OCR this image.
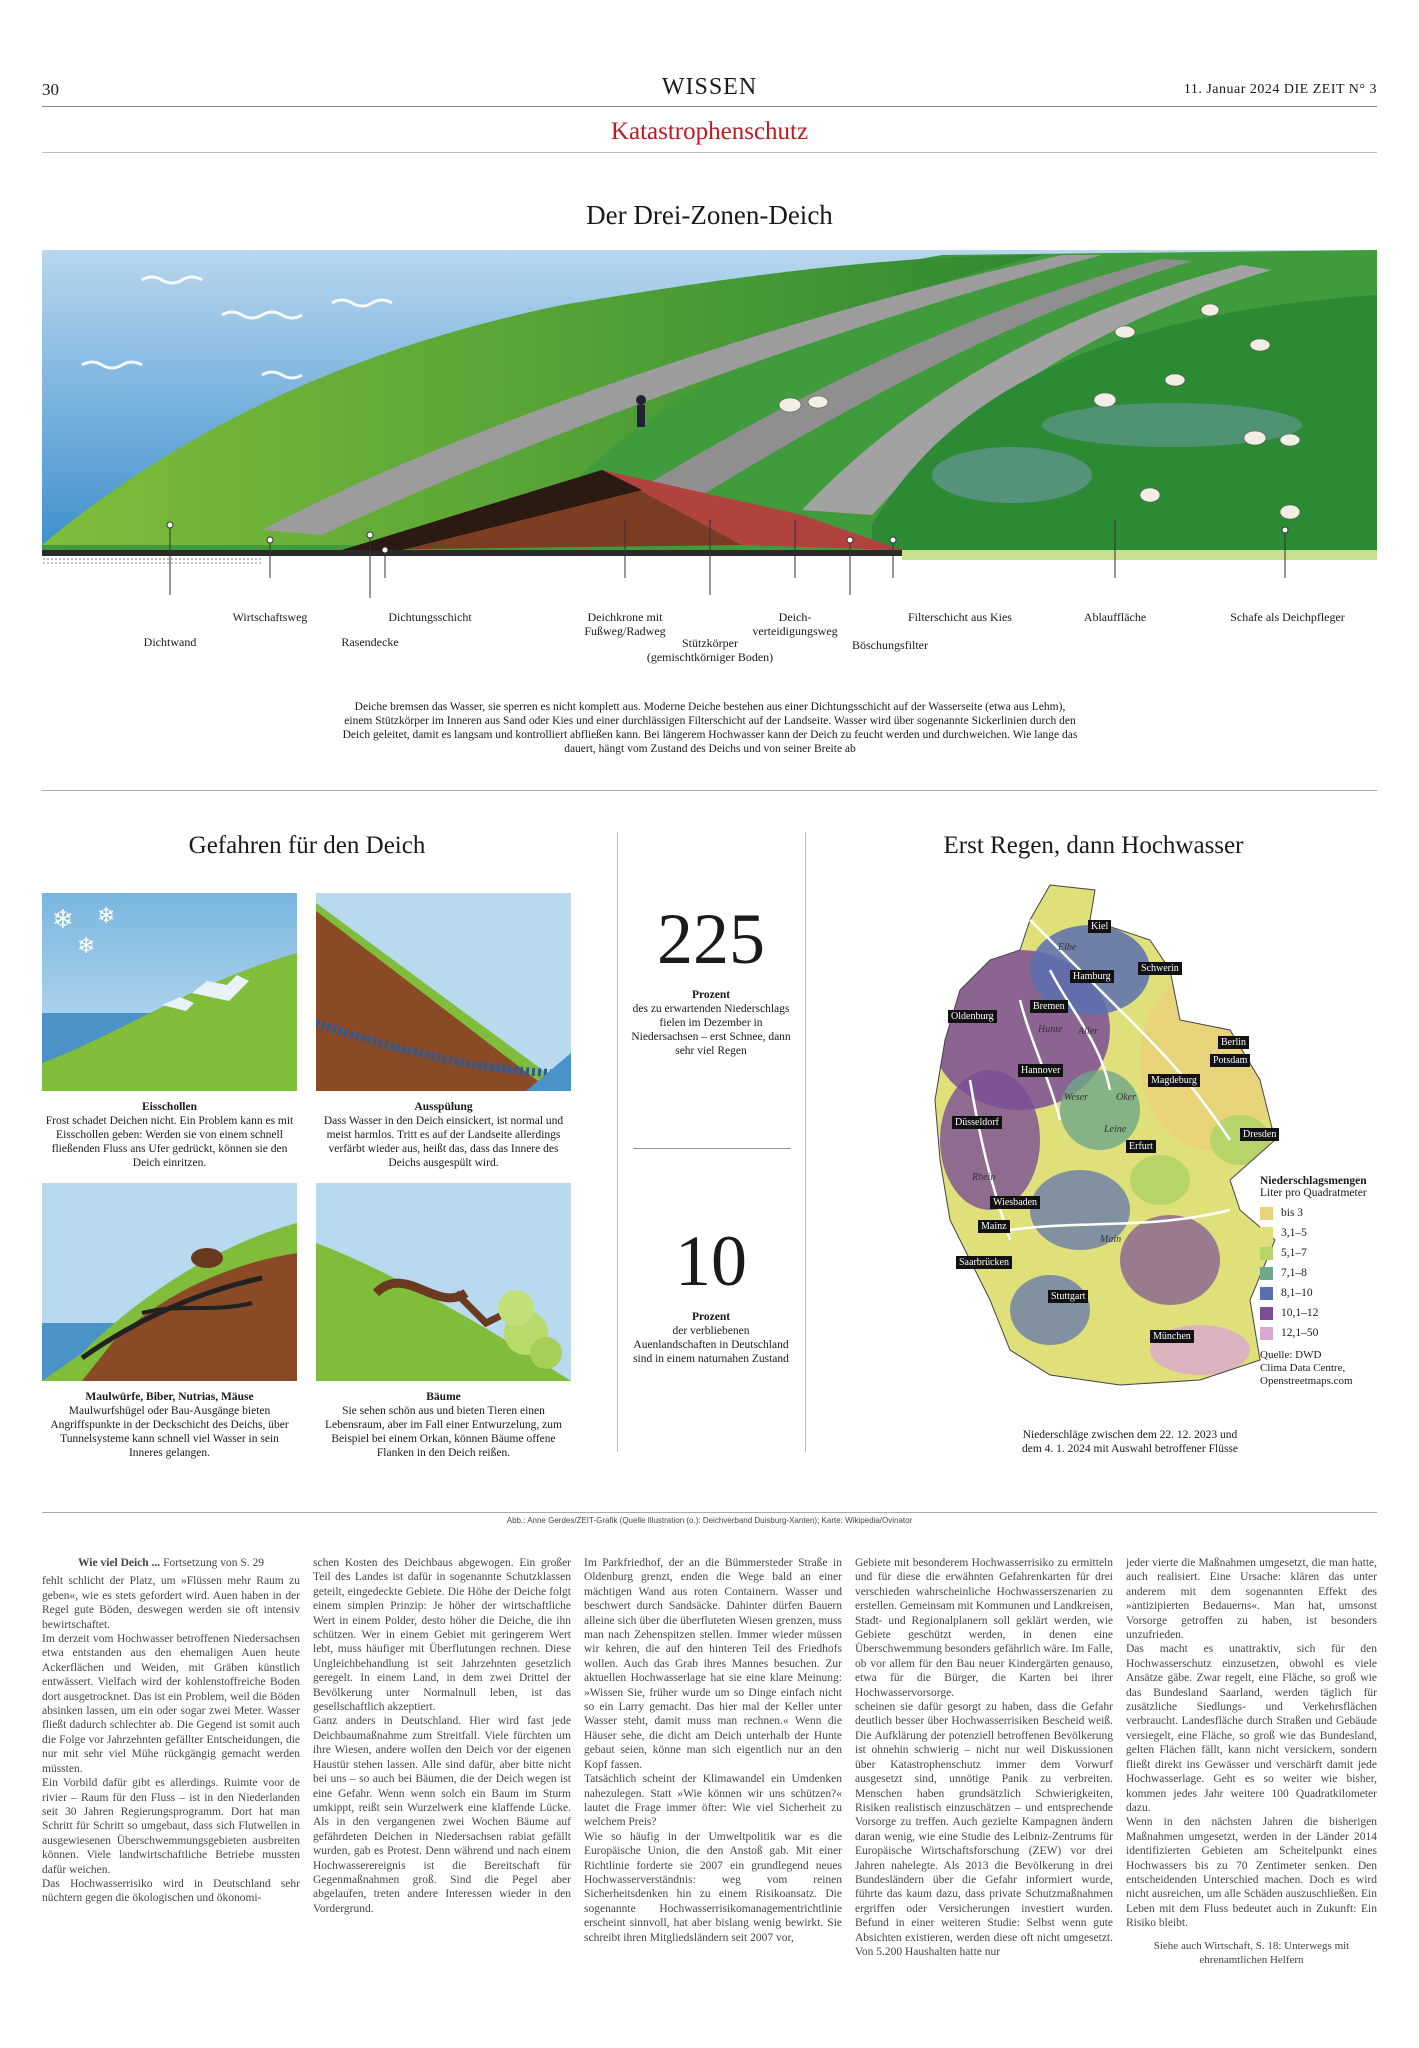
30	WISSEN	11. Januar 2024 DIE ZEIT N° 3
Katastrophenschutz
Der Drei-Zonen-Deich
Dichtwand
Wirtschaftsweg
Rasendecke
Dichtungsschicht	Deichkrone mit
Fußweg/Radweg
Stützkörper
(gemischtkörniger Boden)
Deich-
verteidigungsweg
Böschungsfilter
Filterschicht aus Kies	Ablauffläche	Schafe als Deichpfleger
Deiche bremsen das Wasser, sie sperren es nicht komplett aus. Moderne Deiche bestehen aus einer Dichtungsschicht auf der Wasserseite (etwa aus Lehm), einem Stützkörper im Inneren aus Sand oder Kies und einer durchlässigen Filterschicht auf der Landseite. Wasser wird über sogenannte Sickerlinien durch den Deich geleitet, damit es langsam und kontrolliert abfließen kann. Bei längerem Hochwasser kann der Deich zu feucht werden und durchweichen. Wie lange das dauert, hängt vom Zustand des Deichs und von seiner Breite ab
Gefahren für den Deich
❄ ❄
❄
Eisschollen
Frost schadet Deichen nicht. Ein Problem kann es mit Eisschollen geben: Werden sie von einem schnell fließenden Fluss ans Ufer gedrückt, können sie den Deich einritzen.
Ausspülung
Dass Wasser in den Deich einsickert, ist normal und meist harmlos. Tritt es auf der Landseite allerdings verfärbt wieder aus, heißt das, dass das Innere des Deichs ausgespült wird.
Maulwürfe, Biber, Nutrias, Mäuse
Maulwurfshügel oder Bau-Ausgänge bieten Angriffspunkte in der Deckschicht des Deichs, über Tunnelsysteme kann schnell viel Wasser in sein Inneres gelangen.
Bäume
Sie sehen schön aus und bieten Tieren einen Lebensraum, aber im Fall einer Entwurzelung, zum Beispiel bei einem Orkan, können Bäume offene Flanken in den Deich reißen.
225
Prozent
des zu erwartenden Niederschlags fielen im Dezember in Niedersachsen – erst Schnee, dann sehr viel Regen
10
Prozent
der verbliebenen Auenlandschaften in Deutschland sind in einem naturnahen Zustand
Erst Regen, dann Hochwasser
Kiel
Hamburg
Schwerin
Oldenburg
Bremen
Berlin
Potsdam
Hannover
Magdeburg
Düsseldorf
Erfurt
Dresden
Wiesbaden
Mainz
Saarbrücken
Stuttgart
München
Elbe
Hunte Aller
Weser	Oker
Leine
Rhein
Main
Niederschlagsmengen
Liter pro Quadratmeter
bis 3
3,1–5
5,1–7
7,1–8
8,1–10
10,1–12
12,1–50
Quelle: DWD
Clima Data Centre,
Openstreetmaps.com
Niederschläge zwischen dem 22. 12. 2023 und dem 4. 1. 2024 mit Auswahl betroffener Flüsse
Abb.: Anne Gerdes/ZEIT-Grafik (Quelle Illustration (o.): Deichverband Duisburg-Xanten); Karte: Wikipedia/Ovinator
Wie viel Deich ... Fortsetzung von S. 29
fehlt schlicht der Platz, um »Flüssen mehr Raum zu geben«, wie es stets gefordert wird. Auen haben in der Regel gute Böden, deswegen werden sie oft intensiv bewirtschaftet.
Im derzeit vom Hochwasser betroffenen Niedersachsen etwa entstanden aus den ehemaligen Auen heute Ackerflächen und Weiden, mit Gräben künstlich entwässert. Vielfach wird der kohlenstoffreiche Boden dort ausgetrocknet. Das ist ein Problem, weil die Böden absinken lassen, um ein oder sogar zwei Meter. Wasser fließt dadurch schlechter ab. Die Gegend ist somit auch die Folge vor Jahrzehnten gefällter Entscheidungen, die nur mit sehr viel Mühe rückgängig gemacht werden müssten.
Ein Vorbild dafür gibt es allerdings. Ruimte voor de rivier – Raum für den Fluss – ist in den Niederlanden seit 30 Jahren Regierungsprogramm. Dort hat man Schritt für Schritt so umgebaut, dass sich Flutwellen in ausgewiesenen Überschwemmungsgebieten ausbreiten können. Viele landwirtschaftliche Betriebe mussten dafür weichen.
Das Hochwasserrisiko wird in Deutschland sehr nüchtern gegen die ökologischen und ökonomi-
schen Kosten des Deichbaus abgewogen. Ein großer Teil des Landes ist dafür in sogenannte Schutzklassen geteilt, eingedeckte Gebiete. Die Höhe der Deiche folgt einem simplen Prinzip: Je höher der wirtschaftliche Wert in einem Polder, desto höher die Deiche, die ihn schützen. Wer in einem Gebiet mit geringerem Wert lebt, muss häufiger mit Überflutungen rechnen. Diese Ungleichbehandlung ist seit Jahrzehnten gesetzlich geregelt. In einem Land, in dem zwei Drittel der Bevölkerung unter Normalnull leben, ist das gesellschaftlich akzeptiert.
Ganz anders in Deutschland. Hier wird fast jede Deichbaumaßnahme zum Streitfall. Viele fürchten um ihre Wiesen, andere wollen den Deich vor der eigenen Haustür stehen lassen. Alle sind dafür, aber bitte nicht bei uns – so auch bei Bäumen, die der Deich wegen ist eine Gefahr. Wenn wenn solch ein Baum im Sturm umkippt, reißt sein Wurzelwerk eine klaffende Lücke. Als in den vergangenen zwei Wochen Bäume auf gefährdeten Deichen in Niedersachsen rabiat gefällt wurden, gab es Protest. Denn während und nach einem Hochwasserereignis ist die Bereitschaft für Gegenmaßnahmen groß. Sind die Pegel aber abgelaufen, treten andere Interessen wieder in den Vordergrund.
Im Parkfriedhof, der an die Bümmersteder Straße in Oldenburg grenzt, enden die Wege bald an einer mächtigen Wand aus roten Containern. Wasser und beschwert durch Sandsäcke. Dahinter dürfen Bauern alleine sich über die überfluteten Wiesen grenzen, muss man nach Zehenspitzen stellen. Immer wieder müssen wir kehren, die auf den hinteren Teil des Friedhofs wollen. Auch das Grab ihres Mannes besuchen. Zur aktuellen Hochwasserlage hat sie eine klare Meinung: »Wissen Sie, früher wurde um so Dinge einfach nicht so ein Larry gemacht. Das hier mal der Keller unter Wasser steht, damit muss man rechnen.« Wenn die Häuser sehe, die dicht am Deich unterhalb der Hunte gebaut seien, könne man sich eigentlich nur an den Kopf fassen.
Tatsächlich scheint der Klimawandel ein Umdenken nahezulegen. Statt »Wie können wir uns schützen?« lautet die Frage immer öfter: Wie viel Sicherheit zu welchem Preis?
Wie so häufig in der Umweltpolitik war es die Europäische Union, die den Anstoß gab. Mit einer Richtlinie forderte sie 2007 ein grundlegend neues Hochwasserverständnis: weg vom reinen Sicherheitsdenken hin zu einem Risikoansatz. Die sogenannte Hochwasserrisikomanagementrichtlinie erscheint sinnvoll, hat aber bislang wenig bewirkt. Sie schreibt ihren Mitgliedsländern seit 2007 vor,
Gebiete mit besonderem Hochwasserrisiko zu ermitteln und für diese die erwähnten Gefahrenkarten für drei verschieden wahrscheinliche Hochwasserszenarien zu erstellen. Gemeinsam mit Kommunen und Landkreisen, Stadt- und Regionalplanern soll geklärt werden, wie Gebiete geschützt werden, in denen eine Überschwemmung besonders gefährlich wäre. Im Falle, ob vor allem für den Bau neuer Kindergärten genauso, etwa für die Bürger, die Karten bei ihrer Hochwasservorsorge.
scheinen sie dafür gesorgt zu haben, dass die Gefahr deutlich besser über Hochwasserrisiken Bescheid weiß. Die Aufklärung der potenziell betroffenen Bevölkerung ist ohnehin schwierig – nicht nur weil Diskussionen über Katastrophenschutz immer dem Vorwurf ausgesetzt sind, unnötige Panik zu verbreiten. Menschen haben grundsätzlich Schwierigkeiten, Risiken realistisch einzuschätzen – und entsprechende Vorsorge zu treffen. Auch gezielte Kampagnen ändern daran wenig, wie eine Studie des Leibniz-Zentrums für Europäische Wirtschaftsforschung (ZEW) vor drei Jahren nahelegte. Als 2013 die Bevölkerung in drei Bundesländern über die Gefahr informiert wurde, führte das kaum dazu, dass private Schutzmaßnahmen ergriffen oder Versicherungen investiert wurden. Befund in einer weiteren Studie: Selbst wenn gute Absichten existieren, werden diese oft nicht umgesetzt. Von 5.200 Haushalten hatte nur
jeder vierte die Maßnahmen umgesetzt, die man hatte, auch realisiert. Eine Ursache: klären das unter anderem mit dem sogenannten Effekt des »antizipierten Bedauerns«. Man hat, umsonst Vorsorge getroffen zu haben, ist besonders unzufrieden.
Das macht es unattraktiv, sich für den Hochwasserschutz einzusetzen, obwohl es viele Ansätze gäbe. Zwar regelt, eine Fläche, so groß wie das Bundesland Saarland, werden täglich für zusätzliche Siedlungs- und Verkehrsflächen verbraucht. Landesfläche durch Straßen und Gebäude versiegelt, eine Fläche, so groß wie das Bundesland, gelten Flächen fällt, kann nicht versickern, sondern fließt direkt ins Gewässer und verschärft damit jede Hochwasserlage. Geht es so weiter wie bisher, kommen jedes Jahr weitere 100 Quadratkilometer dazu.
Wenn in den nächsten Jahren die bisherigen Maßnahmen umgesetzt, werden in der Länder 2014 identifizierten Gebieten am Scheitelpunkt eines Hochwassers bis zu 70 Zentimeter senken. Den entscheidenden Unterschied machen. Doch es wird nicht ausreichen, um alle Schäden auszuschließen. Ein Leben mit dem Fluss bedeutet auch in Zukunft: Ein Risiko bleibt.
Siehe auch Wirtschaft, S. 18: Unterwegs mit ehrenamtlichen Helfern
